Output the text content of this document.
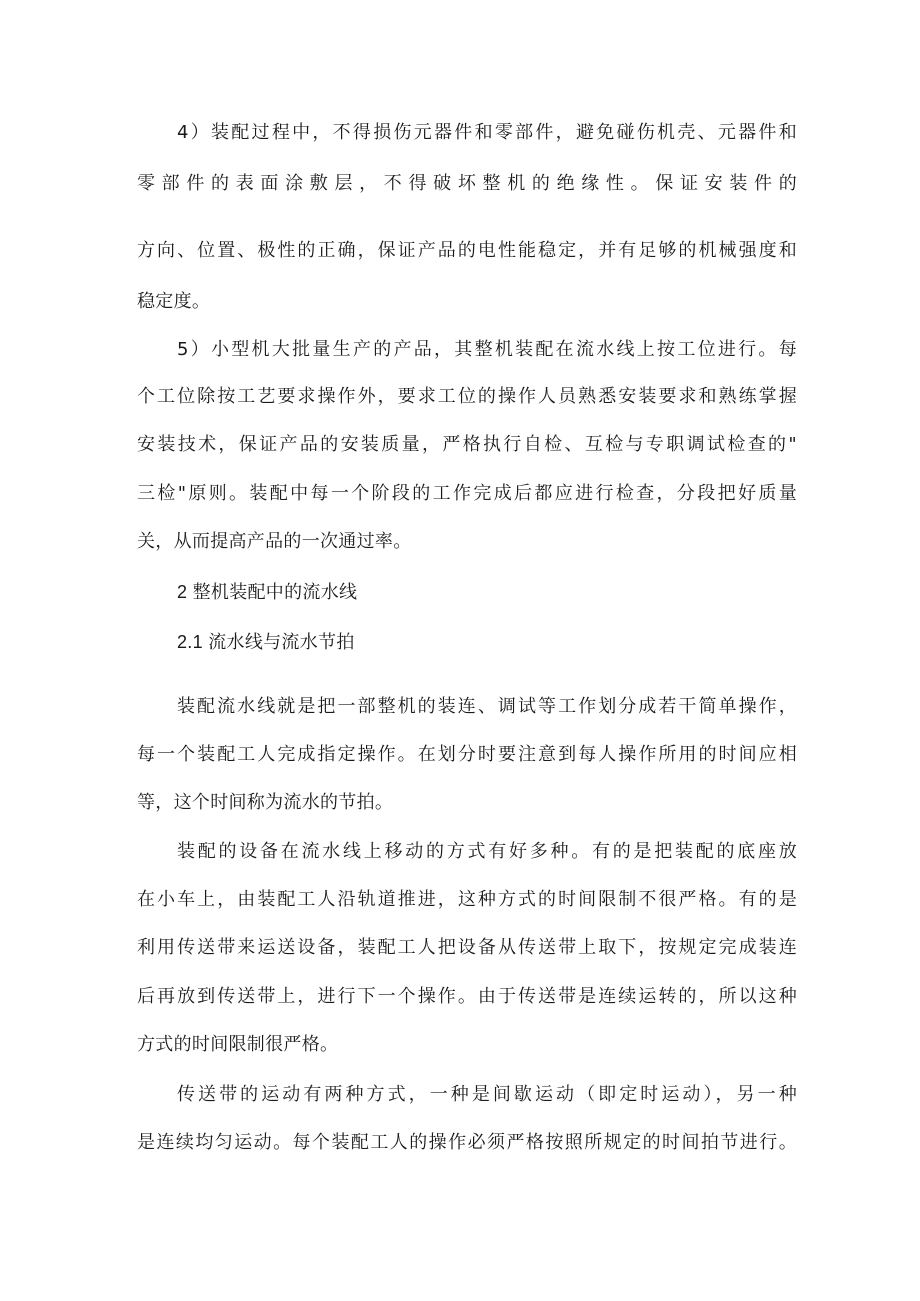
4）装配过程中，不得损伤元器件和零部件，避免碰伤机壳、元器件和
零部件的表面涂敷层，不得破坏整机的绝缘性。保证安装件的
方向、位置、极性的正确，保证产品的电性能稳定，并有足够的机械强度和
稳定度。
5）小型机大批量生产的产品，其整机装配在流水线上按工位进行。每
个工位除按工艺要求操作外，要求工位的操作人员熟悉安装要求和熟练掌握
安装技术，保证产品的安装质量，严格执行自检、互检与专职调试检查的"
三检"原则。装配中每一个阶段的工作完成后都应进行检查，分段把好质量
关，从而提高产品的一次通过率。
2 整机装配中的流水线
2.1 流水线与流水节拍
装配流水线就是把一部整机的装连、调试等工作划分成若干简单操作，
每一个装配工人完成指定操作。在划分时要注意到每人操作所用的时间应相
等，这个时间称为流水的节拍。
装配的设备在流水线上移动的方式有好多种。有的是把装配的底座放
在小车上，由装配工人沿轨道推进，这种方式的时间限制不很严格。有的是
利用传送带来运送设备，装配工人把设备从传送带上取下，按规定完成装连
后再放到传送带上，进行下一个操作。由于传送带是连续运转的，所以这种
方式的时间限制很严格。
传送带的运动有两种方式，一种是间歇运动（即定时运动），另一种
是连续均匀运动。每个装配工人的操作必须严格按照所规定的时间拍节进行。
